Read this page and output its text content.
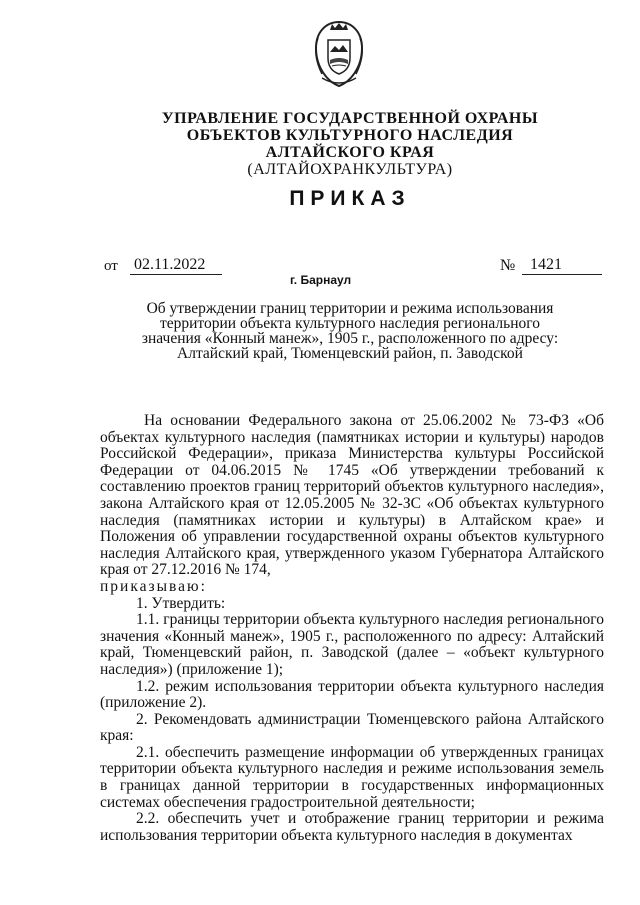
УПРАВЛЕНИЕ ГОСУДАРСТВЕННОЙ ОХРАНЫ
ОБЪЕКТОВ КУЛЬТУРНОГО НАСЛЕДИЯ
АЛТАЙСКОГО КРАЯ
(АЛТАЙОХРАНКУЛЬТУРА)
ПРИКАЗ
от 02.11.2022	№ 1421
г. Барнаул
Об утверждении границ территории и режима использования
территории объекта культурного наследия регионального
значения «Конный манеж», 1905 г., расположенного по адресу:
Алтайский край, Тюменцевский район, п. Заводской

На основании Федерального закона от 25.06.2002 № 73-ФЗ «Об объектах культурного наследия (памятниках истории и культуры) народов Российской Федерации», приказа Министерства культуры Российской Федерации от 04.06.2015 № 1745 «Об утверждении требований к составлению проектов границ территорий объектов культурного наследия», закона Алтайского края от 12.05.2005 № 32-ЗС «Об объектах культурного наследия (памятниках истории и культуры) в Алтайском крае» и Положения об управлении государственной охраны объектов культурного наследия Алтайского края, утвержденного указом Губернатора Алтайского края от 27.12.2016 № 174,

приказываю:

1. Утвердить:

1.1. границы территории объекта культурного наследия регионального значения «Конный манеж», 1905 г., расположенного по адресу: Алтайский край, Тюменцевский район, п. Заводской (далее – «объект культурного наследия») (приложение 1);

1.2. режим использования территории объекта культурного наследия (приложение 2).

2. Рекомендовать администрации Тюменцевского района Алтайского края:

2.1. обеспечить размещение информации об утвержденных границах территории объекта культурного наследия и режиме использования земель в границах данной территории в государственных информационных системах обеспечения градостроительной деятельности;

2.2. обеспечить учет и отображение границ территории и режима использования территории объекта культурного наследия в документах
